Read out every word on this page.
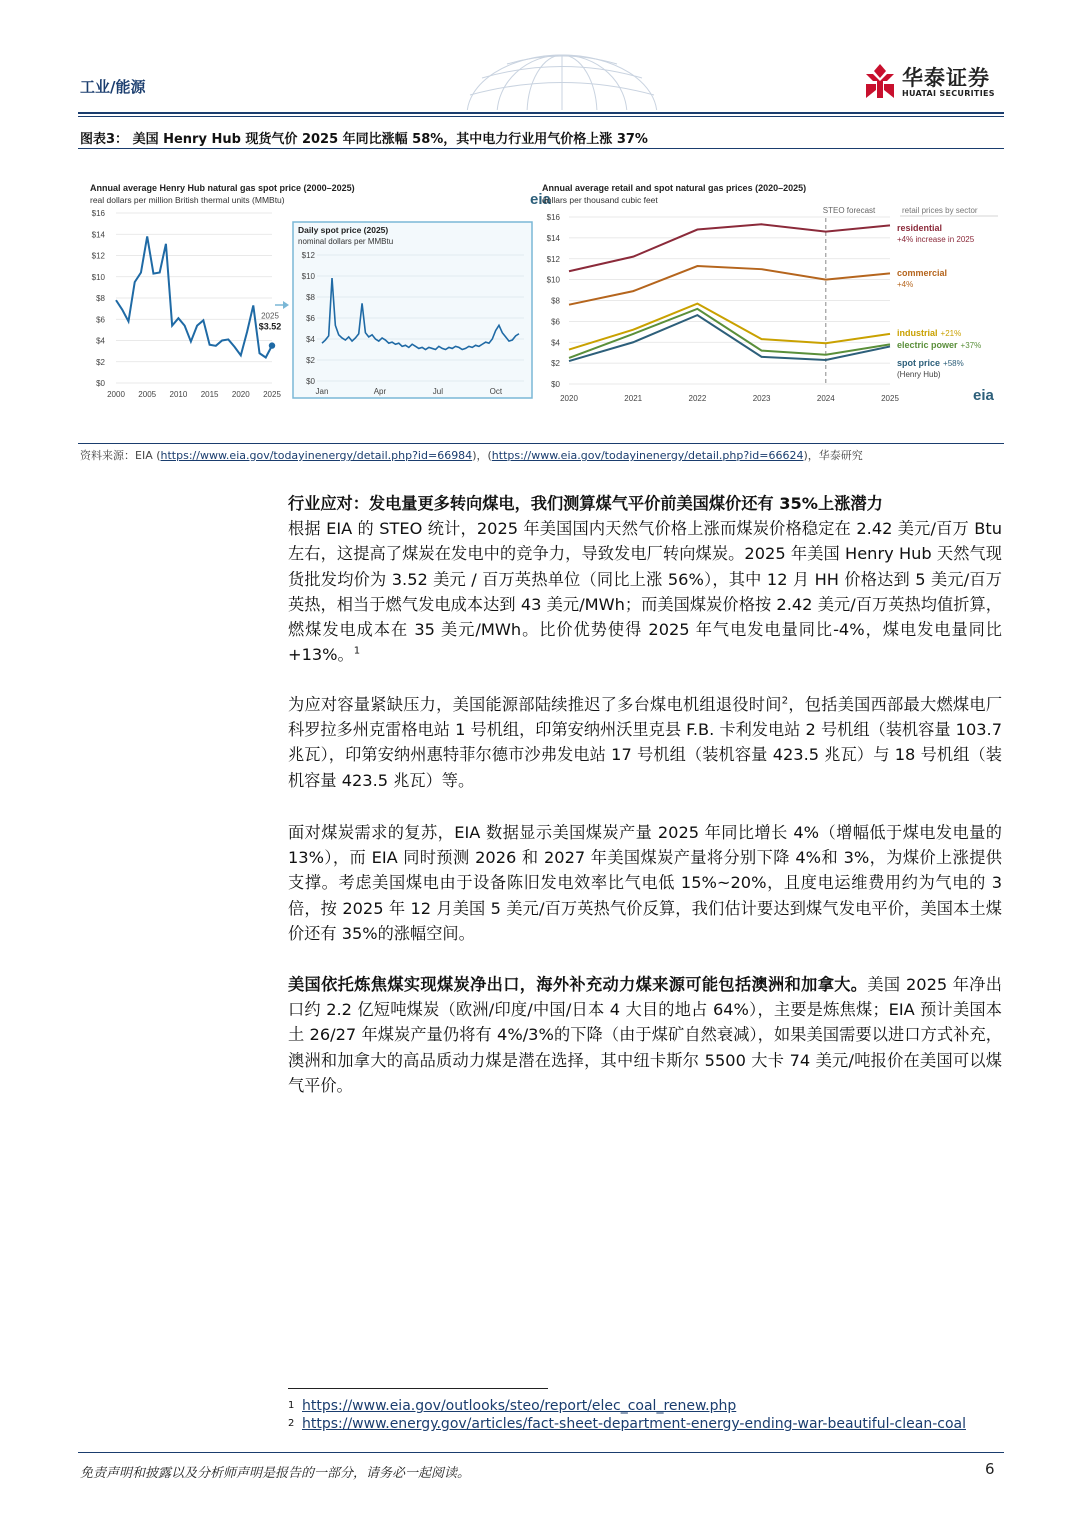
工业/能源	华泰证券
HUATAI SECURITIES
图表3： 美国 Henry Hub 现货气价 2025 年同比涨幅 58%，其中电力行业用气价格上涨 37%
Annual average Henry Hub natural gas spot price (2000–2025)
real dollars per million British thermal units (MMBtu)
$16
$14
$12
$10
$8
$6
$4
$2
$0
2000 2005 2010 2015 2020 2025
2025
$3.52
Daily spot price (2025)
nominal dollars per MMBtu
$12
$10
$8
$6
$4
$2
$0
Jan	Apr	Jul	Oct
eia
Annual average retail and spot natural gas prices (2020–2025)
dollars per thousand cubic feet
$16
$14
$12
$10
$8
$6
$4
$2
$0
2020	2021	2022	2023	2024	2025
STEO forecast	retail prices by sector
residential
+4% increase in 2025
commercial
+4%
industrial +21%
electric power +37%
spot price +58%
(Henry Hub)
eia
资料来源：EIA (https://www.eia.gov/todayinenergy/detail.php?id=66984)，(https://www.eia.gov/todayinenergy/detail.php?id=66624)，华泰研究
行业应对：发电量更多转向煤电，我们测算煤气平价前美国煤价还有 35%上涨潜力
根据 EIA 的 STEO 统计，2025 年美国国内天然气价格上涨而煤炭价格稳定在 2.42 美元/百万 Btu 左右，这提高了煤炭在发电中的竞争力，导致发电厂转向煤炭。2025 年美国 Henry Hub 天然气现货批发均价为 3.52 美元 / 百万英热单位（同比上涨 56%），其中 12 月 HH 价格达到 5 美元/百万英热，相当于燃气发电成本达到 43 美元/MWh；而美国煤炭价格按 2.42 美元/百万英热均值折算，燃煤发电成本在 35 美元/MWh。比价优势使得 2025 年气电发电量同比-4%，煤电发电量同比+13%。$^1$
为应对容量紧缺压力，美国能源部陆续推迟了多台煤电机组退役时间$^2$，包括美国西部最大燃煤电厂科罗拉多州克雷格电站 1 号机组，印第安纳州沃里克县 F.B. 卡利发电站 2 号机组（装机容量 103.7 兆瓦），印第安纳州惠特菲尔德市沙弗发电站 17 号机组（装机容量 423.5 兆瓦）与 18 号机组（装机容量 423.5 兆瓦）等。
面对煤炭需求的复苏，EIA 数据显示美国煤炭产量 2025 年同比增长 4%（增幅低于煤电发电量的 13%），而 EIA 同时预测 2026 和 2027 年美国煤炭产量将分别下降 4%和 3%，为煤价上涨提供支撑。考虑美国煤电由于设备陈旧发电效率比气电低 15%~20%，且度电运维费用约为气电的 3 倍，按 2025 年 12 月美国 5 美元/百万英热气价反算，我们估计要达到煤气发电平价，美国本土煤价还有 35%的涨幅空间。
美国依托炼焦煤实现煤炭净出口，海外补充动力煤来源可能包括澳洲和加拿大。美国 2025 年净出口约 2.2 亿短吨煤炭（欧洲/印度/中国/日本 4 大目的地占 64%），主要是炼焦煤；EIA 预计美国本土 26/27 年煤炭产量仍将有 4%/3%的下降（由于煤矿自然衰减），如果美国需要以进口方式补充，澳洲和加拿大的高品质动力煤是潜在选择，其中纽卡斯尔 5500 大卡 74 美元/吨报价在美国可以煤气平价。
1 https://www.eia.gov/outlooks/steo/report/elec_coal_renew.php
2 https://www.energy.gov/articles/fact-sheet-department-energy-ending-war-beautiful-clean-coal
免责声明和披露以及分析师声明是报告的一部分，请务必一起阅读。	6
